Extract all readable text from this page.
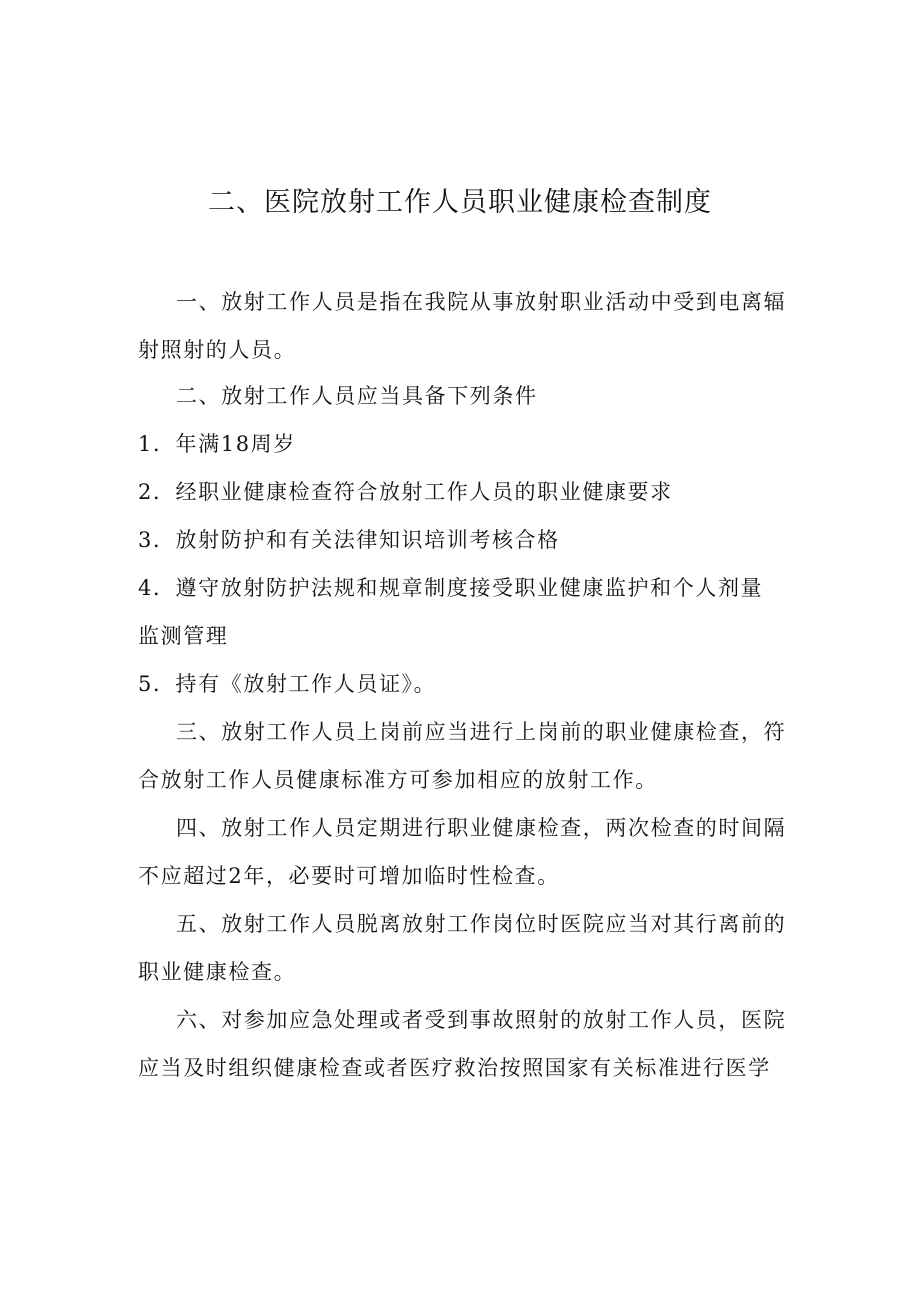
二、医院放射工作人员职业健康检查制度
一、放射工作人员是指在我院从事放射职业活动中受到电离辐
射照射的人员。
二、放射工作人员应当具备下列条件
1．年满18周岁
2．经职业健康检查符合放射工作人员的职业健康要求
3．放射防护和有关法律知识培训考核合格
4．遵守放射防护法规和规章制度接受职业健康监护和个人剂量
监测管理
5．持有《放射工作人员证》。
三、放射工作人员上岗前应当进行上岗前的职业健康检查，符
合放射工作人员健康标准方可参加相应的放射工作。
四、放射工作人员定期进行职业健康检查，两次检查的时间隔
不应超过2年，必要时可增加临时性检查。
五、放射工作人员脱离放射工作岗位时医院应当对其行离前的
职业健康检查。
六、对参加应急处理或者受到事故照射的放射工作人员，医院
应当及时组织健康检查或者医疗救治按照国家有关标准进行医学
